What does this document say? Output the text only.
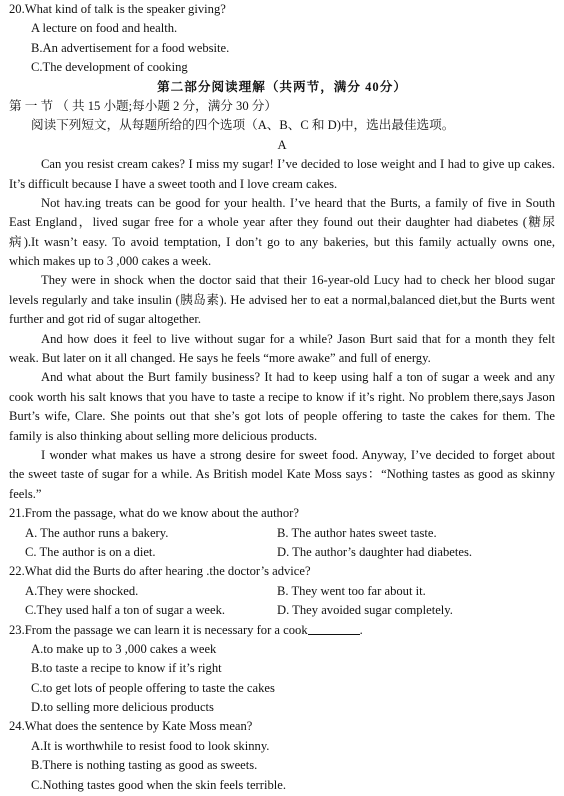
20.What kind of talk is the speaker giving?
A lecture on food and health.
B.An advertisement for a food website.
C.The development of cooking
第二部分阅读理解（共两节，满分 40分）
第 一 节 （ 共 15 小题;每小题 2 分，满分 30 分）
阅读下列短文，从每题所给的四个选项（A、B、C 和 D)中，选出最佳选项。
A
Can you resist cream cakes? I miss my sugar! I’ve decided to lose weight and I had to give up cakes.
It’s difficult because I have a sweet tooth and I love cream cakes.
Not hav.ing treats can be good for your health. I’ve heard that the Burts, a family of five in South
East England，lived sugar free for a whole year after they found out their daughter had diabetes (糖尿
病).It wasn’t easy. To avoid temptation, I don’t go to any bakeries, but this family actually owns one,
which makes up to 3 ,000 cakes a week.
They were in shock when the doctor said that their 16-year-old Lucy had to check her blood sugar
levels regularly and take insulin (胰岛素). He advised her to eat a normal,balanced diet,but the Burts went
further and got rid of sugar altogether.
And how does it feel to live without sugar for a while? Jason Burt said that for a month they felt
weak. But later on it all changed. He says he feels “more awake” and full of energy.
And what about the Burt family business? It had to keep using half a ton of sugar a week and any
cook worth his salt knows that you have to taste a recipe to know if it’s right. No problem there,says Jason
Burt’s wife, Clare. She points out that she’s got lots of people offering to taste the cakes for them. The
family is also thinking about selling more delicious products.
I wonder what makes us have a strong desire for sweet food. Anyway, I’ve decided to forget about
the sweet taste of sugar for a while. As British model Kate Moss says：“Nothing tastes as good as skinny
feels.”
21.From the passage, what do we know about the author?
A. The author runs a bakery.	B. The author hates sweet taste.
C. The author is on a diet.	D. The author’s daughter had diabetes.
22.What did the Burts do after hearing .the doctor’s advice?
A.They were shocked.	B. They went too far about it.
C.They used half a ton of sugar a week.	D. They avoided sugar completely.
23.From the passage we can learn it is necessary for a cook	.
A.to make up to 3 ,000 cakes a week
B.to taste a recipe to know if it’s right
C.to get lots of people offering to taste the cakes
D.to selling more delicious products
24.What does the sentence by Kate Moss mean?
A.It is worthwhile to resist food to look skinny.
B.There is nothing tasting as good as sweets.
C.Nothing tastes good when the skin feels terrible.
